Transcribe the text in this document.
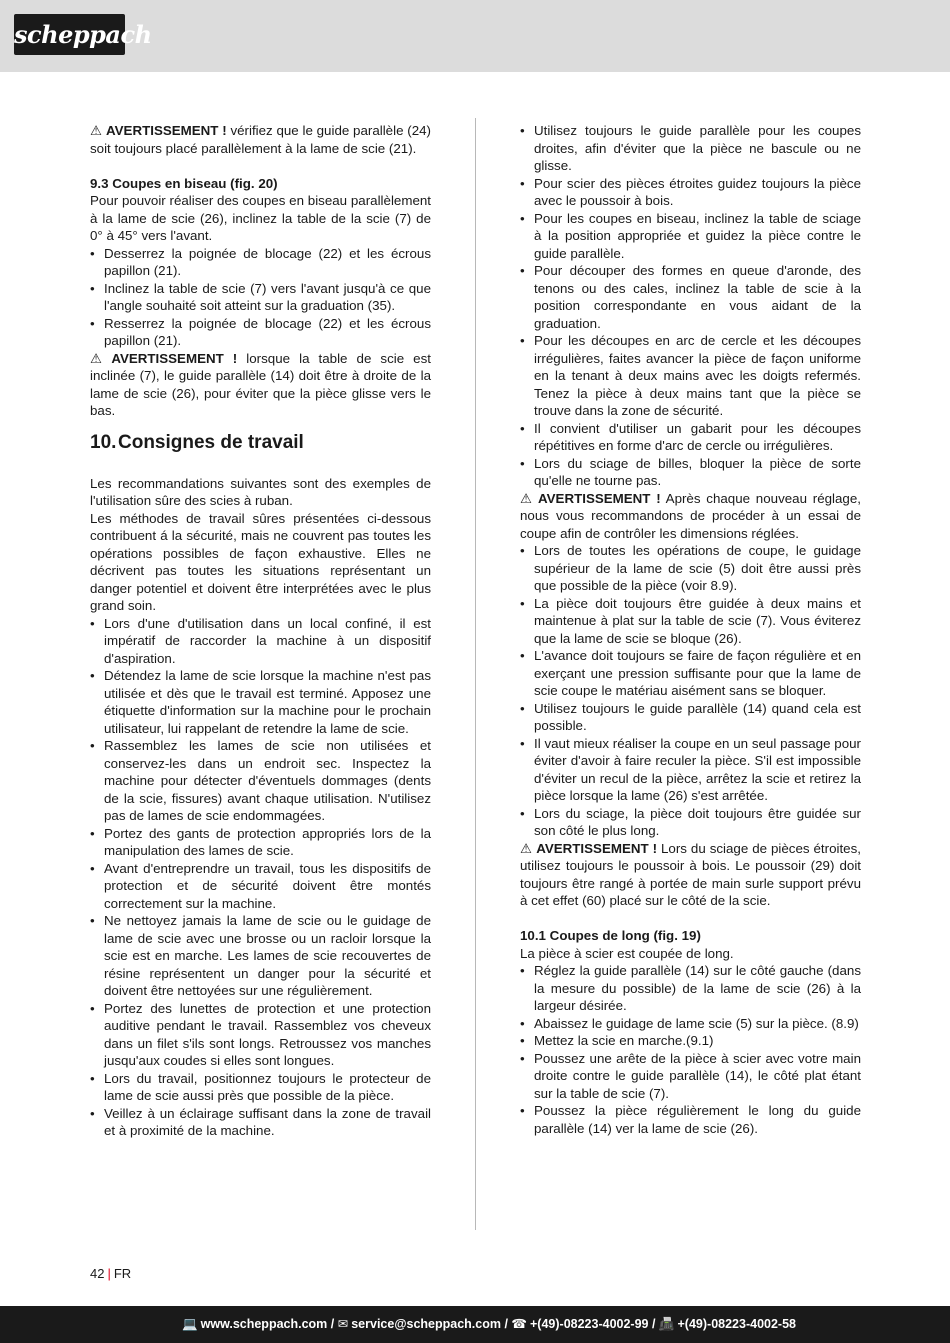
scheppach

⚠ AVERTISSEMENT ! vérifiez que le guide parallèle (24) soit toujours placé parallèlement à la lame de scie (21).

9.3 Coupes en biseau (fig. 20)

Pour pouvoir réaliser des coupes en biseau parallèlement à la lame de scie (26), inclinez la table de la scie (7) de 0° à 45° vers l'avant.

• Desserrez la poignée de blocage (22) et les écrous papillon (21).
• Inclinez la table de scie (7) vers l'avant jusqu'à ce que l'angle souhaité soit atteint sur la graduation (35).
• Resserrez la poignée de blocage (22) et les écrous papillon (21).

⚠ AVERTISSEMENT ! lorsque la table de scie est inclinée (7), le guide parallèle (14) doit être à droite de la lame de scie (26), pour éviter que la pièce glisse vers le bas.

10.Consignes de travail

Les recommandations suivantes sont des exemples de l'utilisation sûre des scies à ruban.

Les méthodes de travail sûres présentées ci-dessous contribuent á la sécurité, mais ne couvrent pas toutes les opérations possibles de façon exhaustive. Elles ne décrivent pas toutes les situations représentant un danger potentiel et doivent être interprétées avec le plus grand soin.

• Lors d'une d'utilisation dans un local confiné, il est impératif de raccorder la machine à un dispositif d'aspiration.
• Détendez la lame de scie lorsque la machine n'est pas utilisée et dès que le travail est terminé. Apposez une étiquette d'information sur la machine pour le prochain utilisateur, lui rappelant de retendre la lame de scie.
• Rassemblez les lames de scie non utilisées et conservez-les dans un endroit sec. Inspectez la machine pour détecter d'éventuels dommages (dents de la scie, fissures) avant chaque utilisation. N'utilisez pas de lames de scie endommagées.
• Portez des gants de protection appropriés lors de la manipulation des lames de scie.
• Avant d'entreprendre un travail, tous les dispositifs de protection et de sécurité doivent être montés correctement sur la machine.
• Ne nettoyez jamais la lame de scie ou le guidage de lame de scie avec une brosse ou un racloir lorsque la scie est en marche. Les lames de scie recouvertes de résine représentent un danger pour la sécurité et doivent être nettoyées sur une régulièrement.
• Portez des lunettes de protection et une protection auditive pendant le travail. Rassemblez vos cheveux dans un filet s'ils sont longs. Retroussez vos manches jusqu'aux coudes si elles sont longues.
• Lors du travail, positionnez toujours le protecteur de lame de scie aussi près que possible de la pièce.
• Veillez à un éclairage suffisant dans la zone de travail et à proximité de la machine.
• Utilisez toujours le guide parallèle pour les coupes droites, afin d'éviter que la pièce ne bascule ou ne glisse.
• Pour scier des pièces étroites guidez toujours la pièce avec le poussoir à bois.
• Pour les coupes en biseau, inclinez la table de sciage à la position appropriée et guidez la pièce contre le guide parallèle.
• Pour découper des formes en queue d'aronde, des tenons ou des cales, inclinez la table de scie à la position correspondante en vous aidant de la graduation.
• Pour les découpes en arc de cercle et les découpes irrégulières, faites avancer la pièce de façon uniforme en la tenant à deux mains avec les doigts refermés. Tenez la pièce à deux mains tant que la pièce se trouve dans la zone de sécurité.
• Il convient d'utiliser un gabarit pour les découpes répétitives en forme d'arc de cercle ou irrégulières.
• Lors du sciage de billes, bloquer la pièce de sorte qu'elle ne tourne pas.

⚠ AVERTISSEMENT ! Après chaque nouveau réglage, nous vous recommandons de procéder à un essai de coupe afin de contrôler les dimensions réglées.

• Lors de toutes les opérations de coupe, le guidage supérieur de la lame de scie (5) doit être aussi près que possible de la pièce (voir 8.9).
• La pièce doit toujours être guidée à deux mains et maintenue à plat sur la table de scie (7). Vous éviterez que la lame de scie se bloque (26).
• L'avance doit toujours se faire de façon régulière et en exerçant une pression suffisante pour que la lame de scie coupe le matériau aisément sans se bloquer.
• Utilisez toujours le guide parallèle (14) quand cela est possible.
• Il vaut mieux réaliser la coupe en un seul passage pour éviter d'avoir à faire reculer la pièce. S'il est impossible d'éviter un recul de la pièce, arrêtez la scie et retirez la pièce lorsque la lame (26) s'est arrêtée.
• Lors du sciage, la pièce doit toujours être guidée sur son côté le plus long.

⚠ AVERTISSEMENT ! Lors du sciage de pièces étroites, utilisez toujours le poussoir à bois. Le poussoir (29) doit toujours être rangé à portée de main surle support prévu à cet effet (60) placé sur le côté de la scie.

10.1 Coupes de long (fig. 19)

La pièce à scier est coupée de long.

• Réglez la guide parallèle (14) sur le côté gauche (dans la mesure du possible) de la lame de scie (26) à la largeur désirée.
• Abaissez le guidage de lame scie (5) sur la pièce. (8.9)
• Mettez la scie en marche.(9.1)
• Poussez une arête de la pièce à scier avec votre main droite contre le guide parallèle (14), le côté plat étant sur la table de scie (7).
• Poussez la pièce régulièrement le long du guide parallèle (14) ver la lame de scie (26).
42 | FR
💻 www.scheppach.com / ✉ service@scheppach.com / ☎ +(49)-08223-4002-99 / 📠 +(49)-08223-4002-58
